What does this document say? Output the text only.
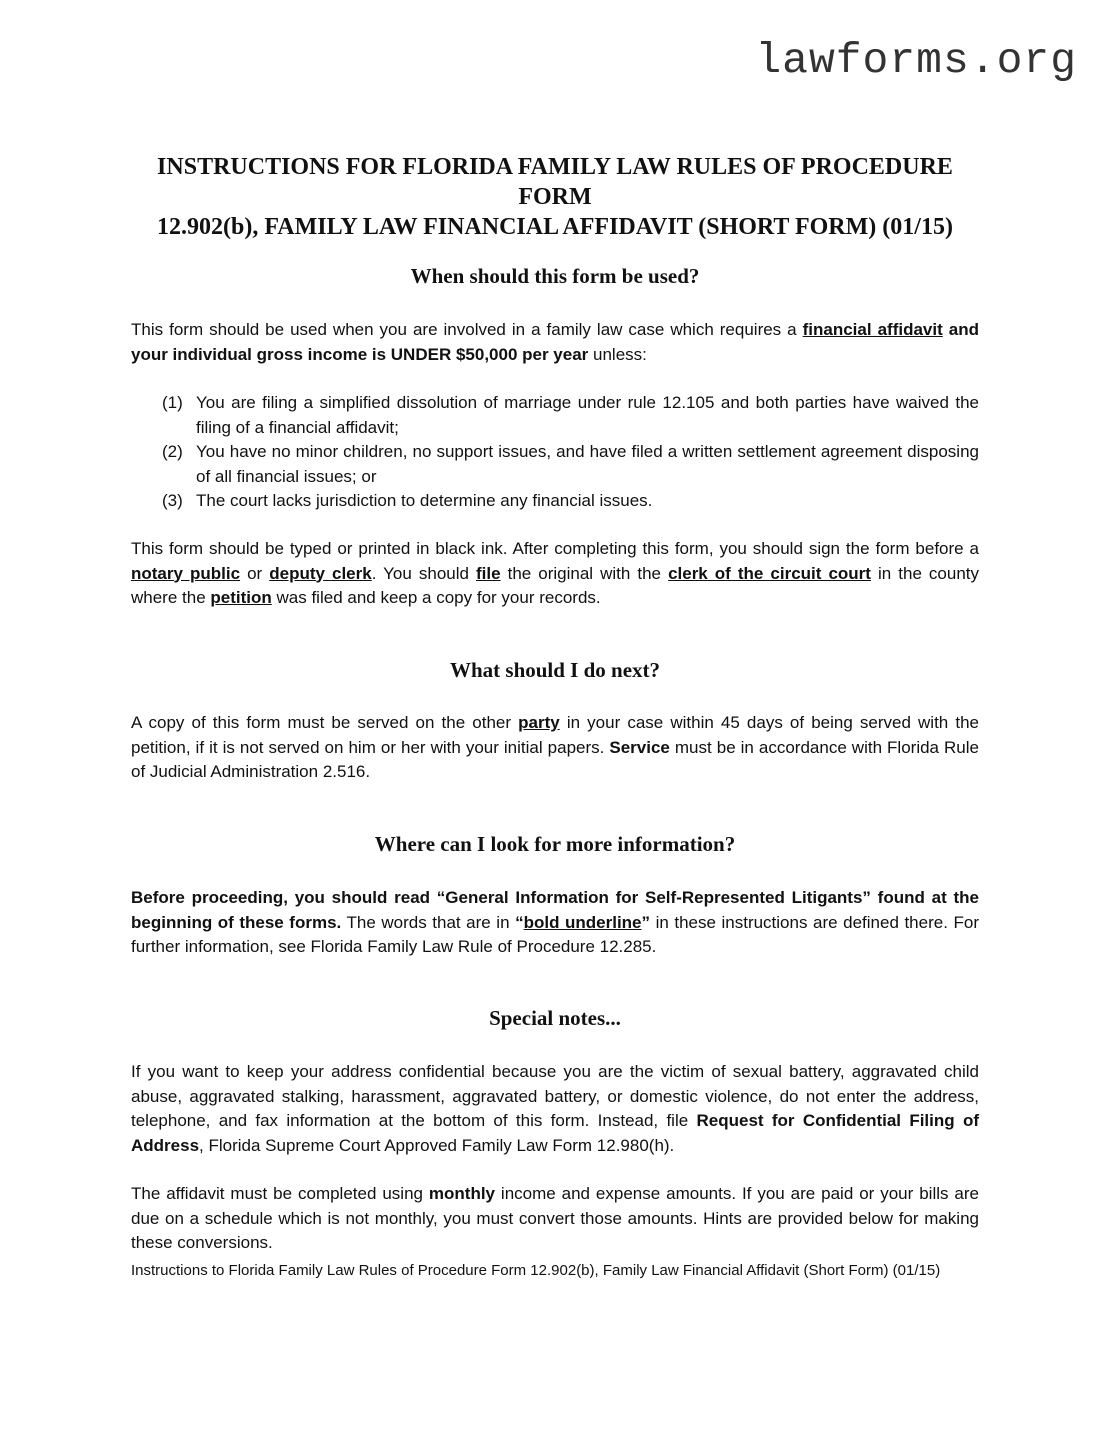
lawforms.org
INSTRUCTIONS FOR FLORIDA FAMILY LAW RULES OF PROCEDURE FORM
12.902(b), FAMILY LAW FINANCIAL AFFIDAVIT (SHORT FORM) (01/15)
When should this form be used?

This form should be used when you are involved in a family law case which requires a financial affidavit and your individual gross income is UNDER $50,000 per year unless:

(1) You are filing a simplified dissolution of marriage under rule 12.105 and both parties have waived the filing of a financial affidavit;
(2) You have no minor children, no support issues, and have filed a written settlement agreement disposing of all financial issues; or
(3) The court lacks jurisdiction to determine any financial issues.

This form should be typed or printed in black ink. After completing this form, you should sign the form before a notary public or deputy clerk. You should file the original with the clerk of the circuit court in the county where the petition was filed and keep a copy for your records.

What should I do next?

A copy of this form must be served on the other party in your case within 45 days of being served with the petition, if it is not served on him or her with your initial papers. Service must be in accordance with Florida Rule of Judicial Administration 2.516.

Where can I look for more information?

Before proceeding, you should read “General Information for Self-Represented Litigants” found at the beginning of these forms. The words that are in “bold underline” in these instructions are defined there. For further information, see Florida Family Law Rule of Procedure 12.285.

Special notes...

If you want to keep your address confidential because you are the victim of sexual battery, aggravated child abuse, aggravated stalking, harassment, aggravated battery, or domestic violence, do not enter the address, telephone, and fax information at the bottom of this form. Instead, file Request for Confidential Filing of Address, Florida Supreme Court Approved Family Law Form 12.980(h).

The affidavit must be completed using monthly income and expense amounts. If you are paid or your bills are due on a schedule which is not monthly, you must convert those amounts. Hints are provided below for making these conversions.

Instructions to Florida Family Law Rules of Procedure Form 12.902(b), Family Law Financial Affidavit (Short Form) (01/15)
